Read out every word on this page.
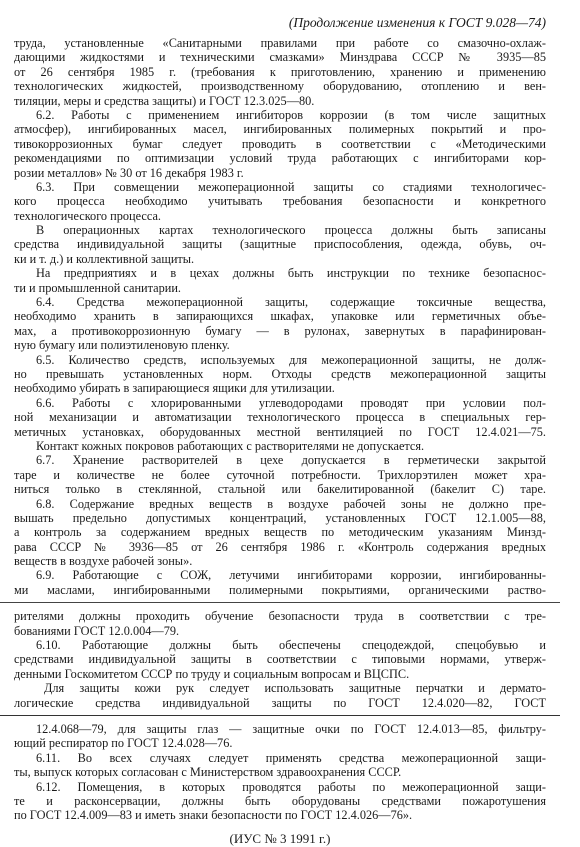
(Продолжение изменения к ГОСТ 9.028—74)
труда, установленные «Санитарными правилами при работе со смазочно-охлаж-
дающими жидкостями и техническими смазками» Минздрава СССР № 3935—85
от 26 сентября 1985 г. (требования к приготовлению, хранению и применению
технологических жидкостей, производственному оборудованию, отоплению и вен-
тиляции, меры и средства защиты) и ГОСТ 12.3.025—80.
6.2. Работы с применением ингибиторов коррозии (в том числе защитных
атмосфер), ингибированных масел, ингибированных полимерных покрытий и про-
тивокоррозионных бумаг следует проводить в соответствии с «Методическими
рекомендациями по оптимизации условий труда работающих с ингибиторами кор-
розии металлов» № 30 от 16 декабря 1983 г.
6.3. При совмещении межоперационной защиты со стадиями технологичес-
кого процесса необходимо учитывать требования безопасности и конкретного
технологического процесса.
В операционных картах технологического процесса должны быть записаны
средства индивидуальной защиты (защитные приспособления, одежда, обувь, оч-
ки и т. д.) и коллективной защиты.
На предприятиях и в цехах должны быть инструкции по технике безопаснос-
ти и промышленной санитарии.
6.4. Средства межоперационной защиты, содержащие токсичные вещества,
необходимо хранить в запирающихся шкафах, упаковке или герметичных объе-
мах, а противокоррозионную бумагу — в рулонах, завернутых в парафинирован-
ную бумагу или полиэтиленовую пленку.
6.5. Количество средств, используемых для межоперационной защиты, не долж-
но превышать установленных норм. Отходы средств межоперационной защиты
необходимо убирать в запирающиеся ящики для утилизации.
6.6. Работы с хлорированными углеводородами проводят при условии пол-
ной механизации и автоматизации технологического процесса в специальных гер-
метичных установках, оборудованных местной вентиляцией по ГОСТ 12.4.021—75.
Контакт кожных покровов работающих с растворителями не допускается.
6.7. Хранение растворителей в цехе допускается в герметически закрытой
таре и количестве не более суточной потребности. Трихлорэтилен может хра-
ниться только в стеклянной, стальной или бакелитированной (бакелит С) таре.
6.8. Содержание вредных веществ в воздухе рабочей зоны не должно пре-
вышать предельно допустимых концентраций, установленных ГОСТ 12.1.005—88,
а контроль за содержанием вредных веществ по методическим указаниям Минзд-
рава СССР № 3936—85 от 26 сентября 1986 г. «Контроль содержания вредных
веществ в воздухе рабочей зоны».
6.9. Работающие с СОЖ, летучими ингибиторами коррозии, ингибированны-
ми маслами, ингибированными полимерными покрытиями, органическими раство-
рителями должны проходить обучение безопасности труда в соответствии с тре-
бованиями ГОСТ 12.0.004—79.
6.10. Работающие должны быть обеспечены спецодеждой, спецобувью и
средствами индивидуальной защиты в соответствии с типовыми нормами, утверж-
денными Госкомитетом СССР по труду и социальным вопросам и ВЦСПС.
Для защиты кожи рук следует использовать защитные перчатки и дермато-
логические средства индивидуальной защиты по ГОСТ 12.4.020—82, ГОСТ
12.4.068—79, для защиты глаз — защитные очки по ГОСТ 12.4.013—85, фильтру-
ющий респиратор по ГОСТ 12.4.028—76.
6.11. Во всех случаях следует применять средства межоперационной защи-
ты, выпуск которых согласован с Министерством здравоохранения СССР.
6.12. Помещения, в которых проводятся работы по межоперационной защи-
те и расконсервации, должны быть оборудованы средствами пожаротушения
по ГОСТ 12.4.009—83 и иметь знаки безопасности по ГОСТ 12.4.026—76».
(ИУС № 3 1991 г.)
